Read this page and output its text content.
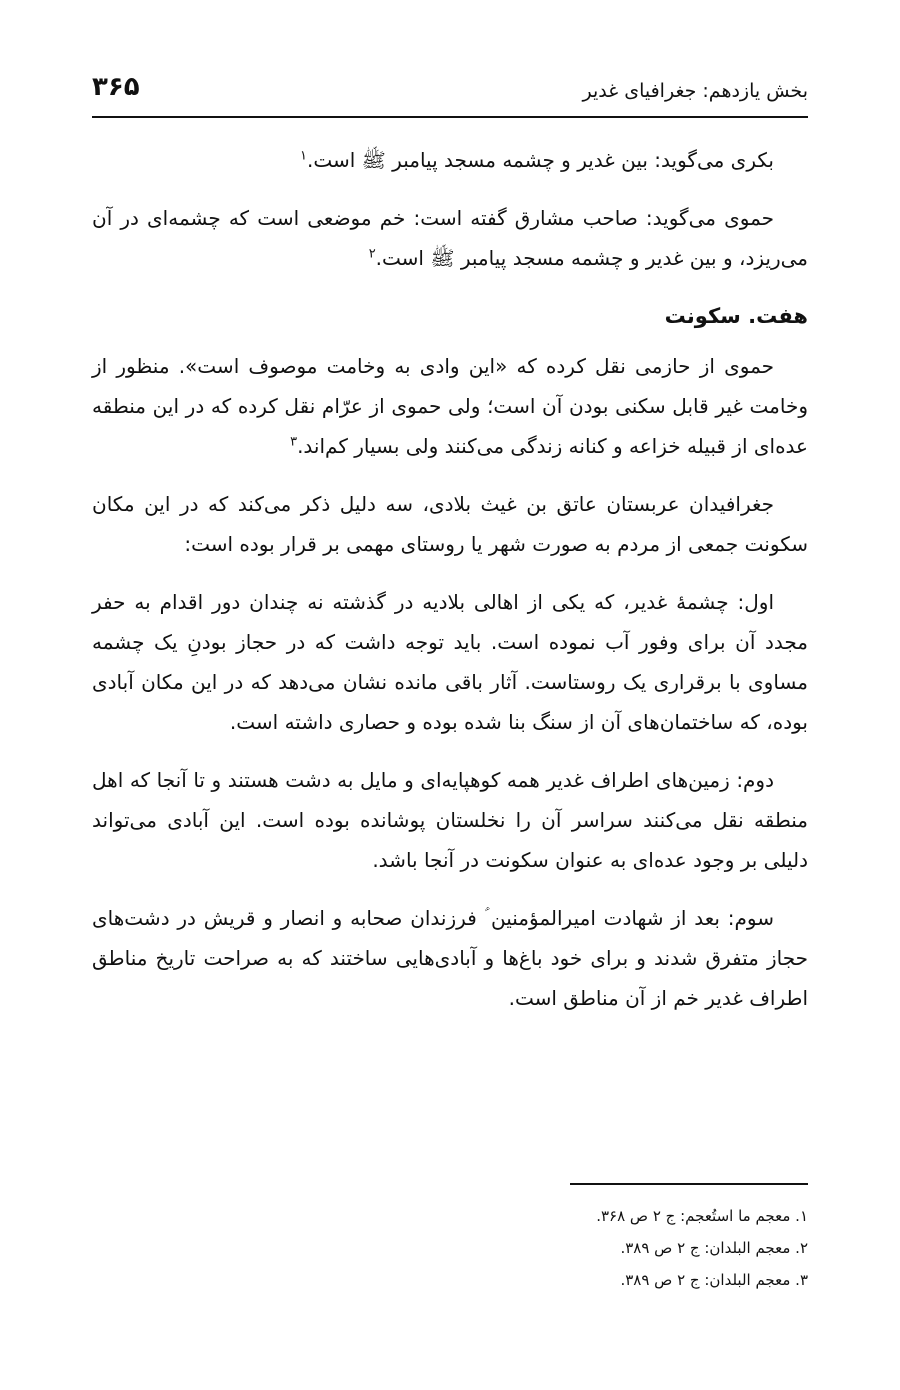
۳۶۵	بخش یازدهم: جغرافیای غدیر

بکری می‌گوید: بین غدیر و چشمه مسجد پیامبر ﷺ است.$^۱$

حموی می‌گوید: صاحب مشارق گفته است: خم موضعی است که چشمه‌ای در آن می‌ریزد، و بین غدیر و چشمه مسجد پیامبر ﷺ است.$^۲$

هفت. سکونت

حموی از حازمی نقل کرده که «این وادی به وخامت موصوف است». منظور از وخامت غیر قابل سکنی بودن آن است؛ ولی حموی از عرّام نقل کرده که در این منطقه عده‌ای از قبیله خزاعه و کنانه زندگی می‌کنند ولی بسیار کم‌اند.$^۳$

جغرافیدان عربستان عاتق بن غیث بلادی، سه دلیل ذکر می‌کند که در این مکان سکونت جمعی از مردم به صورت شهر یا روستای مهمی بر قرار بوده است:

اول: چشمهٔ غدیر، که یکی از اهالی بلادیه در گذشته نه چندان دور اقدام به حفر مجدد آن برای وفور آب نموده است. باید توجه داشت که در حجاز بودنِ یک چشمه مساوی با برقراری یک روستاست. آثار باقی مانده نشان می‌دهد که در این مکان آبادی بوده، که ساختمان‌های آن از سنگ بنا شده بوده و حصاری داشته است.

دوم: زمین‌های اطراف غدیر همه کوهپایه‌ای و مایل به دشت هستند و تا آنجا که اهل منطقه نقل می‌کنند سراسر آن را نخلستان پوشانده بوده است. این آبادی می‌تواند دلیلی بر وجود عده‌ای به عنوان سکونت در آنجا باشد.

سوم: بعد از شهادت امیرالمؤمنین ؑ فرزندان صحابه و انصار و قریش در دشت‌های حجاز متفرق شدند و برای خود باغ‌ها و آبادی‌هایی ساختند که به صراحت تاریخ مناطق اطراف غدیر خم از آن مناطق است.

۱. معجم ما استُعجم: ج ۲ ص ۳۶۸.

۲. معجم البلدان: ج ۲ ص ۳۸۹.

۳. معجم البلدان: ج ۲ ص ۳۸۹.
